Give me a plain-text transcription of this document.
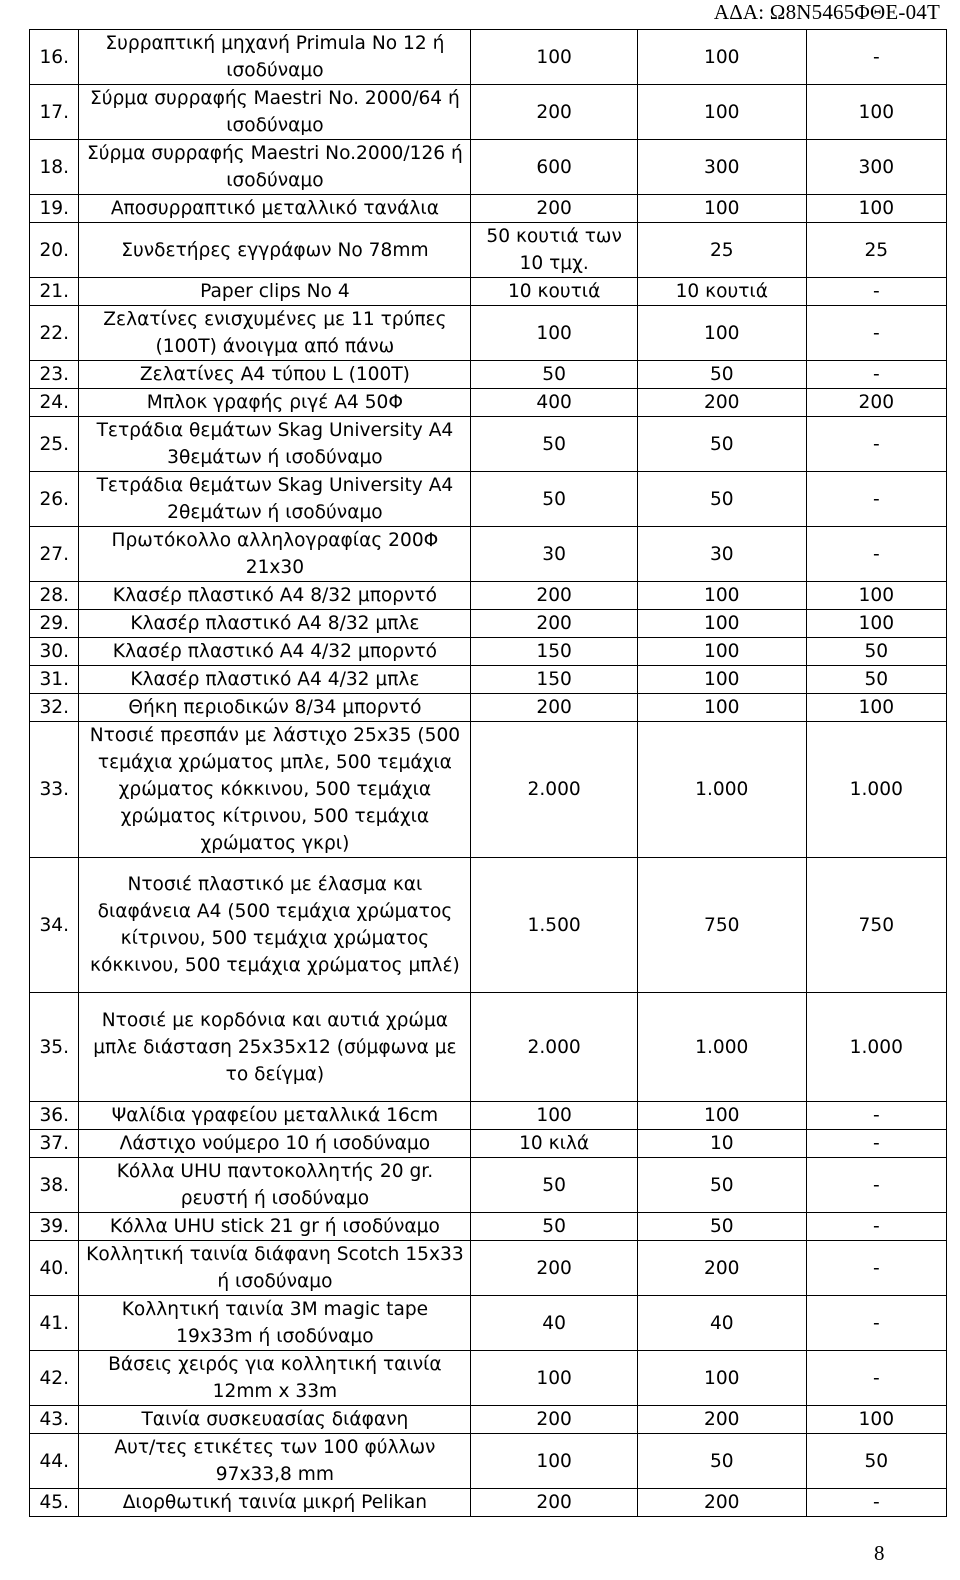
ΑΔΑ: Ω8Ν5465ΦΘΕ-04Τ
16.	Συρραπτική μηχανή Primula No 12 ή ισοδύναμο	100	100	-
17.	Σύρμα συρραφής Maestri No. 2000/64 ή ισοδύναμο	200	100	100
18.	Σύρμα συρραφής Maestri No.2000/126 ή ισοδύναμο	600	300	300
19.	Αποσυρραπτικό μεταλλικό τανάλια	200	100	100
20.	Συνδετήρες εγγράφων Νο 78mm	50 κουτιά των 10 τμχ.	25	25
21.	Paper clips No 4	10 κουτιά	10 κουτιά	-
22.	Ζελατίνες ενισχυμένες με 11 τρύπες (100Τ) άνοιγμα από πάνω	100	100	-
23.	Ζελατίνες Α4 τύπου L (100T)	50	50	-
24.	Μπλοκ γραφής ριγέ Α4 50Φ	400	200	200
25.	Τετράδια θεμάτων Skag University A4 3θεμάτων ή ισοδύναμο	50	50	-
26.	Τετράδια θεμάτων Skag University A4 2θεμάτων ή ισοδύναμο	50	50	-
27.	Πρωτόκολλο αλληλογραφίας 200Φ 21x30	30	30	-
28.	Κλασέρ πλαστικό Α4 8/32 μπορντό	200	100	100
29.	Κλασέρ πλαστικό Α4 8/32 μπλε	200	100	100
30.	Κλασέρ πλαστικό Α4 4/32 μπορντό	150	100	50
31.	Κλασέρ πλαστικό Α4 4/32 μπλε	150	100	50
32.	Θήκη περιοδικών 8/34 μπορντό	200	100	100
33.	Ντοσιέ πρεσπάν με λάστιχο 25x35 (500 τεμάχια χρώματος μπλε, 500 τεμάχια χρώματος κόκκινου, 500 τεμάχια χρώματος κίτρινου, 500 τεμάχια χρώματος γκρι)	2.000	1.000	1.000
34.	Ντοσιέ πλαστικό με έλασμα και διαφάνεια Α4 (500 τεμάχια χρώματος κίτρινου, 500 τεμάχια χρώματος κόκκινου, 500 τεμάχια χρώματος μπλέ)	1.500	750	750
35.	Ντοσιέ με κορδόνια και αυτιά χρώμα μπλε διάσταση 25x35x12 (σύμφωνα με το δείγμα)	2.000	1.000	1.000
36.	Ψαλίδια γραφείου μεταλλικά 16cm	100	100	-
37.	Λάστιχο νούμερο 10 ή ισοδύναμο	10 κιλά	10	-
38.	Κόλλα UHU παντοκολλητής 20 gr. ρευστή ή ισοδύναμο	50	50	-
39.	Κόλλα UHU stick 21 gr ή ισοδύναμο	50	50	-
40.	Κολλητική ταινία διάφανη Scotch 15x33 ή ισοδύναμο	200	200	-
41.	Κολλητική ταινία 3M magic tape 19x33m ή ισοδύναμο	40	40	-
42.	Βάσεις χειρός για κολλητική ταινία 12mm x 33m	100	100	-
43.	Ταινία συσκευασίας διάφανη	200	200	100
44.	Αυτ/τες ετικέτες των 100 φύλλων 97x33,8 mm	100	50	50
45.	Διορθωτική ταινία μικρή Pelikan	200	200	-
8
